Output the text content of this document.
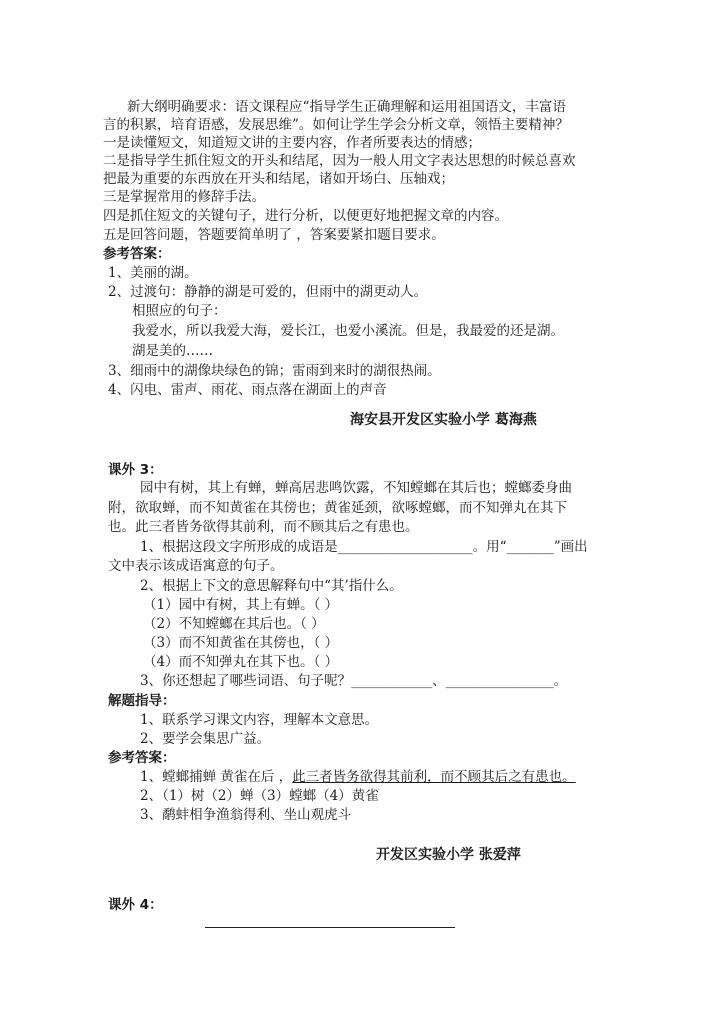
新大纲明确要求：语文课程应“指导学生正确理解和运用祖国语文，丰富语
言的积累，培育语感，发展思维”。如何让学生学会分析文章，领悟主要精神？
一是读懂短文，知道短文讲的主要内容，作者所要表达的情感；
二是指导学生抓住短文的开头和结尾，因为一般人用文字表达思想的时候总喜欢
把最为重要的东西放在开头和结尾，诸如开场白、压轴戏；
三是掌握常用的修辞手法。
四是抓住短文的关键句子，进行分析，以便更好地把握文章的内容。
五是回答问题，答题要简单明了 ，答案要紧扣题目要求。
参考答案：
1、美丽的湖。
2、过渡句：静静的湖是可爱的，但雨中的湖更动人。
相照应的句子：
我爱水，所以我爱大海，爱长江，也爱小溪流。但是，我最爱的还是湖。
湖是美的……
3、细雨中的湖像块绿色的锦；雷雨到来时的湖很热闹。
4、闪电、雷声、雨花、雨点落在湖面上的声音
海安县开发区实验小学 葛海燕
课外 3：
园中有树，其上有蝉，蝉高居悲鸣饮露，不知螳螂在其后也；螳螂委身曲
附，欲取蝉，而不知黄雀在其傍也；黄雀延颈，欲啄螳螂，而不知弹丸在其下
也。此三者皆务欲得其前利，而不顾其后之有患也。
1、根据这段文字所形成的成语是____________________。用“_______”画出
文中表示该成语寓意的句子。
2、根据上下文的意思解释句中“其’指什么。
（1）园中有树，其上有蝉。（ ）
（2）不知螳螂在其后也。（ ）
（3）而不知黄雀在其傍也，（ ）
（4）而不知弹丸在其下也。（ ）
3、你还想起了哪些词语、句子呢？____________、________________。
解题指导：
1、联系学习课文内容，理解本文意思。
2、要学会集思广益。
参考答案：
1、螳螂捕蝉 黄雀在后 ，此三者皆务欲得其前利，而不顾其后之有患也。
2、（1）树（2）蝉（3）螳螂（4）黄雀
3、鹬蚌相争渔翁得利、坐山观虎斗
开发区实验小学 张爱萍
课外 4：
